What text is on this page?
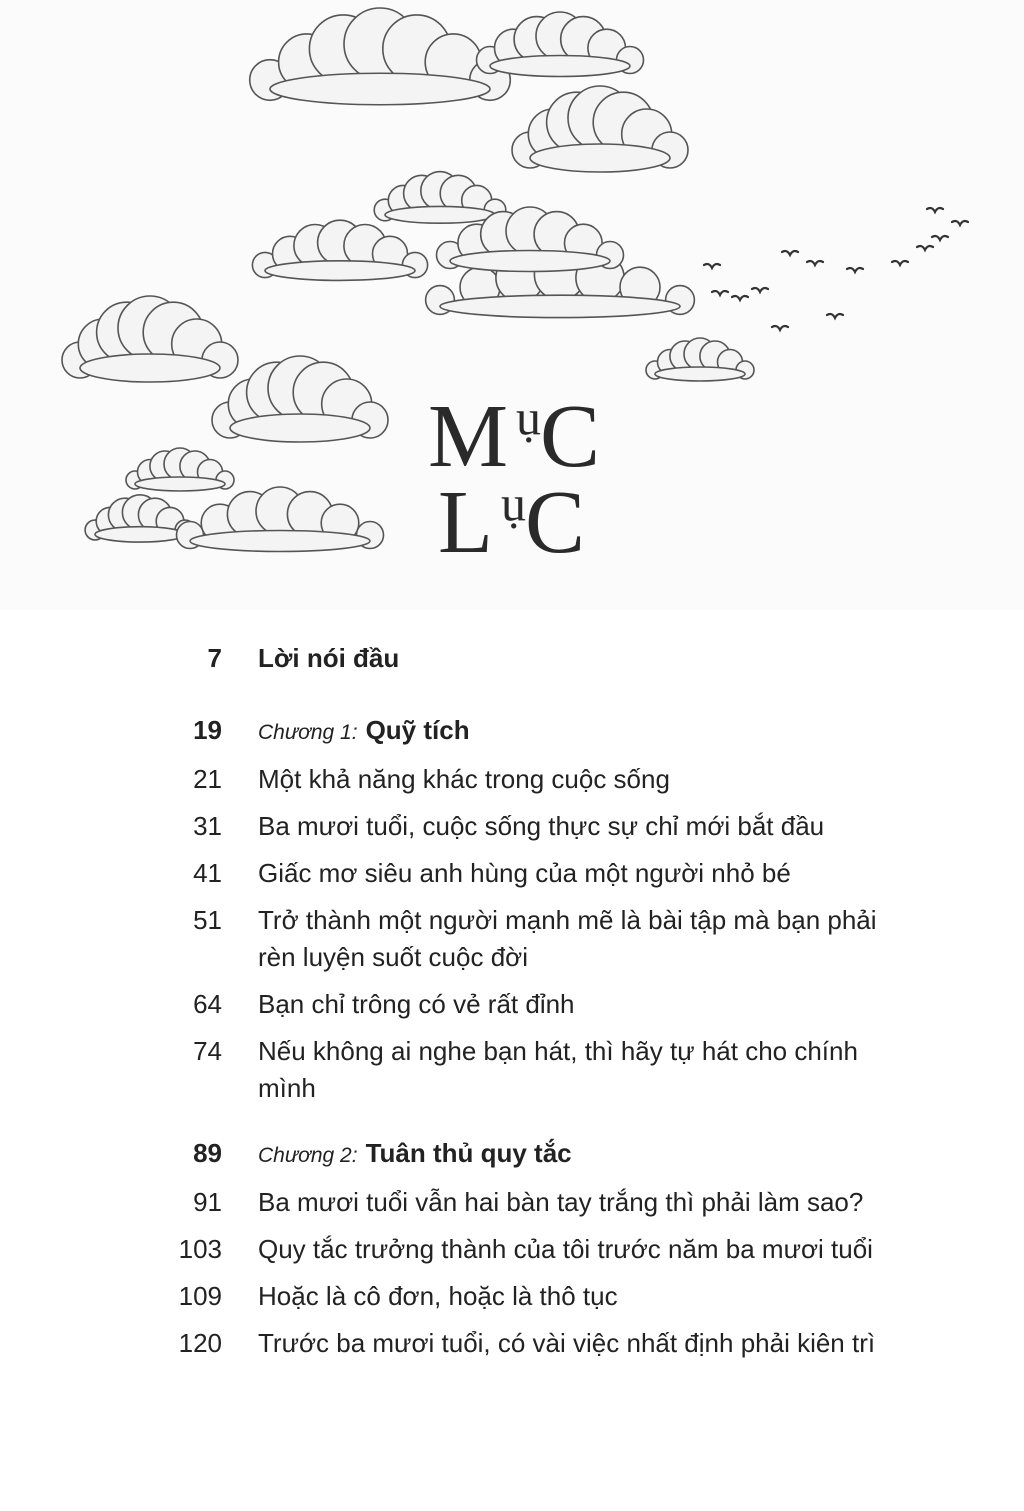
M ụ
C
L ụ
C
7 Lời nói đầu
19 Chương 1: Quỹ tích
21 Một khả năng khác trong cuộc sống
31 Ba mươi tuổi, cuộc sống thực sự chỉ mới bắt đầu
41 Giấc mơ siêu anh hùng của một người nhỏ bé
51 Trở thành một người mạnh mẽ là bài tập mà bạn phải rèn luyện suốt cuộc đời
64 Bạn chỉ trông có vẻ rất đỉnh
74 Nếu không ai nghe bạn hát, thì hãy tự hát cho chính mình
89 Chương 2: Tuân thủ quy tắc
91 Ba mươi tuổi vẫn hai bàn tay trắng thì phải làm sao?
103 Quy tắc trưởng thành của tôi trước năm ba mươi tuổi
109 Hoặc là cô đơn, hoặc là thô tục
120 Trước ba mươi tuổi, có vài việc nhất định phải kiên trì
